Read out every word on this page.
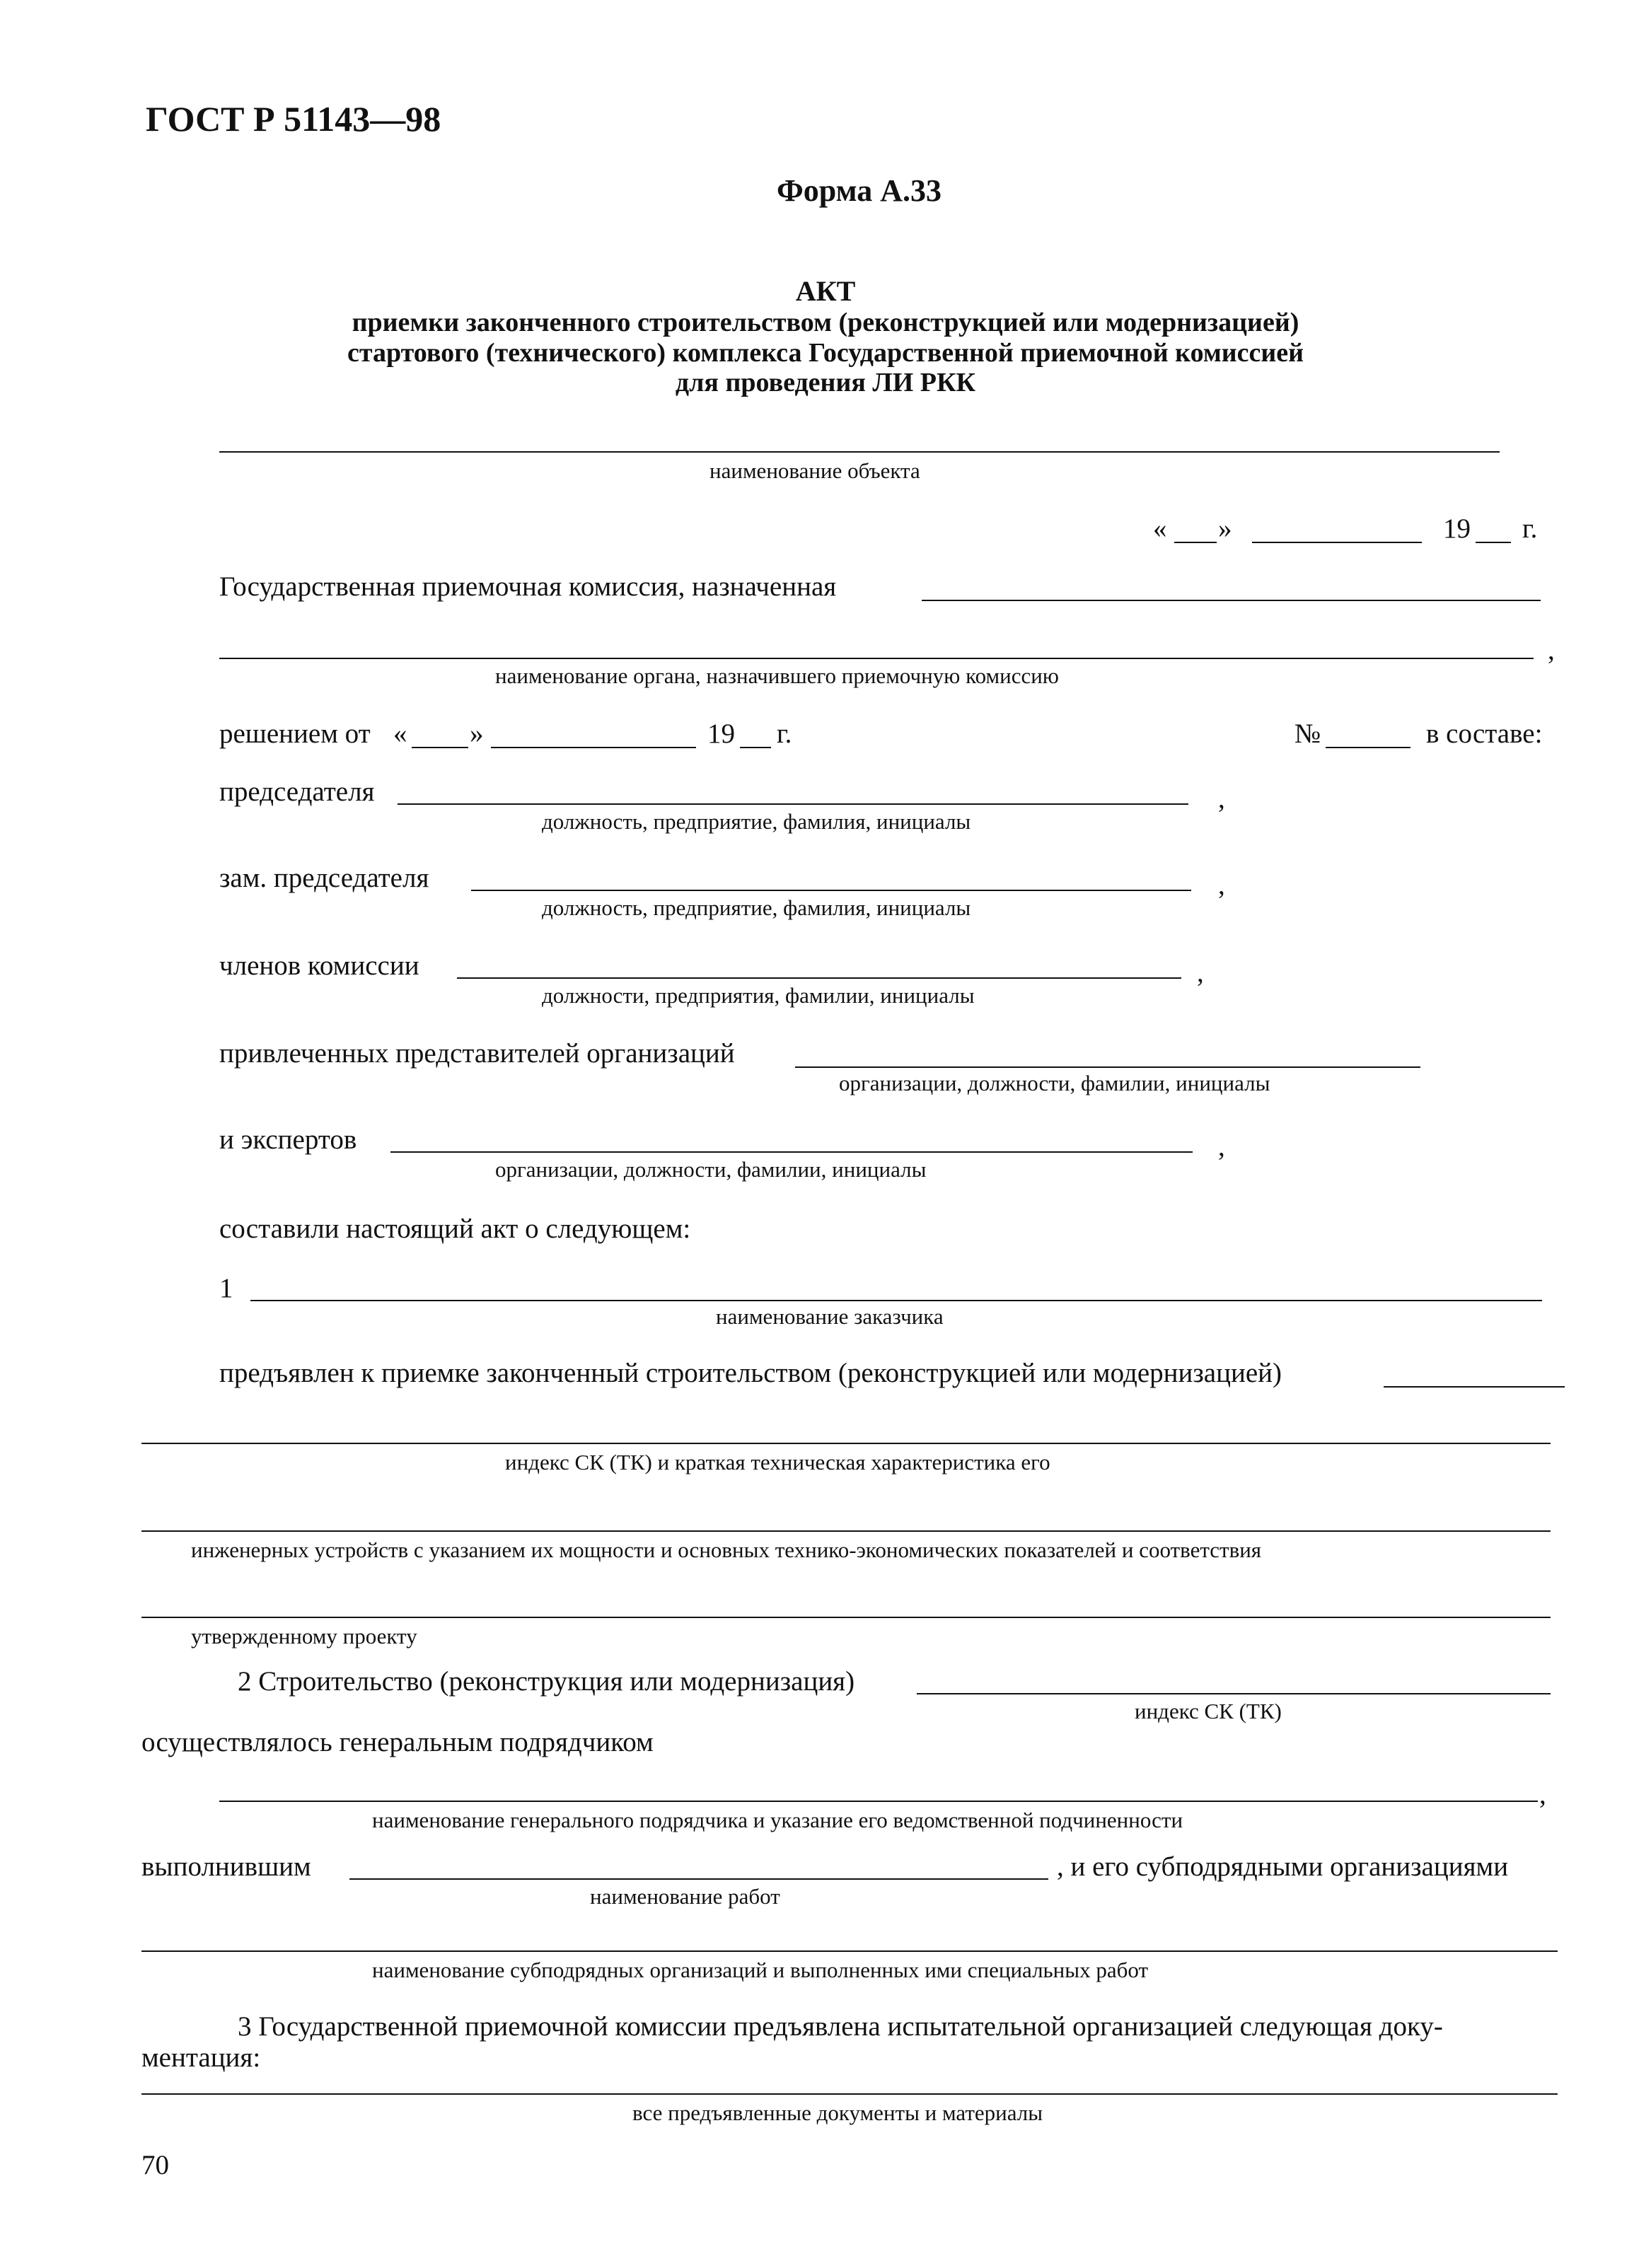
ГОСТ Р 51143—98
Форма А.33
АКТ
приемки законченного строительством (реконструкцией или модернизацией)
стартового (технического) комплекса Государственной приемочной комиссией
для проведения ЛИ РКК
наименование объекта
« »	19 г.
Государственная приемочная комиссия, назначенная
,
наименование органа, назначившего приемочную комиссию
решением от « »	19 г.	№	в составе:
председателя	,
должность, предприятие, фамилия, инициалы
зам. председателя	,
должность, предприятие, фамилия, инициалы
членов комиссии	,
должности, предприятия, фамилии, инициалы
привлеченных представителей организаций
организации, должности, фамилии, инициалы
и экспертов	,
организации, должности, фамилии, инициалы
составили настоящий акт о следующем:
1
наименование заказчика
предъявлен к приемке законченный строительством (реконструкцией или модернизацией)
индекс СК (ТК) и краткая техническая характеристика его
инженерных устройств с указанием их мощности и основных технико-экономических показателей и соответствия
утвержденному проекту
2 Строительство (реконструкция или модернизация)
индекс СК (ТК)
осуществлялось генеральным подрядчиком
,
наименование генерального подрядчика и указание его ведомственной подчиненности
выполнившим	, и его субподрядными организациями
наименование работ
наименование субподрядных организаций и выполненных ими специальных работ
3 Государственной приемочной комиссии предъявлена испытательной организацией следующая доку-
ментация:
все предъявленные документы и материалы
70
